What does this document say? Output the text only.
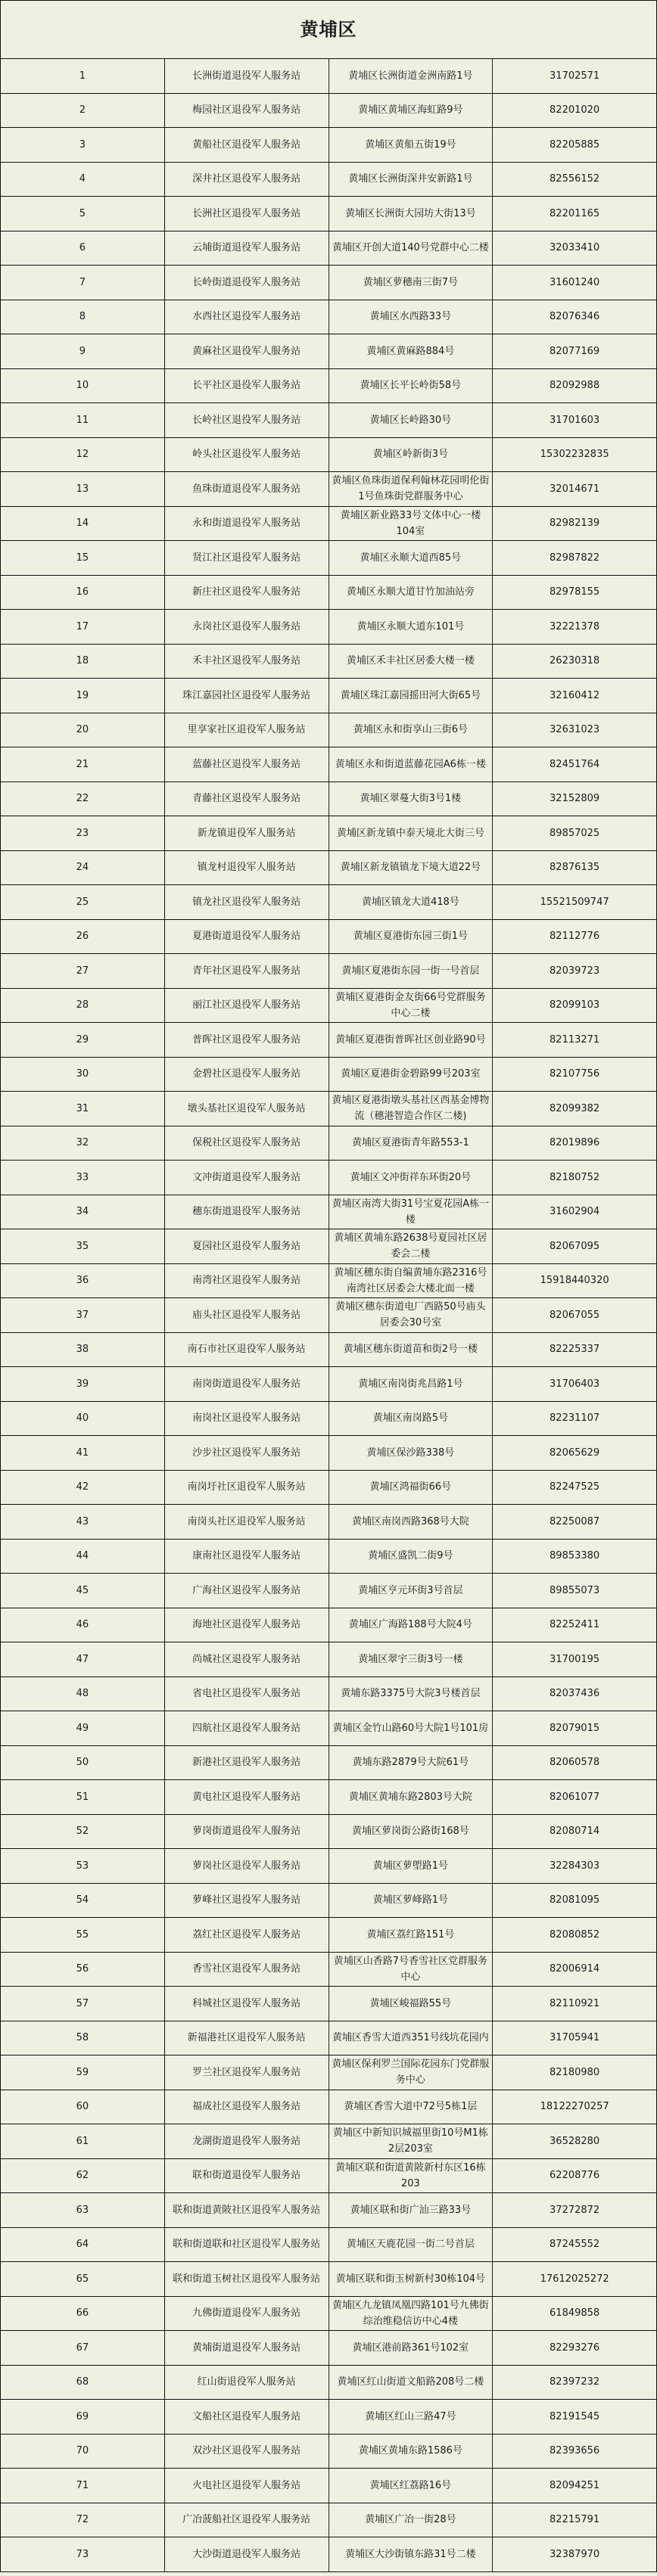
黄埔区			
1	长洲街道退役军人服务站	黄埔区长洲街道金洲南路1号	31702571
2	梅园社区退役军人服务站	黄埔区黄埔区海虹路9号	82201020
3	黄船社区退役军人服务站	黄埔区黄船五街19号	82205885
4	深井社区退役军人服务站	黄埔区长洲街深井安新路1号	82556152
5	长洲社区退役军人服务站	黄埔区长洲街大园坊大街13号	82201165
6	云埔街道退役军人服务站	黄埔区开创大道140号党群中心二楼	32033410
7	长岭街道退役军人服务站	黄埔区萝穗南三街7号	31601240
8	水西社区退役军人服务站	黄埔区水西路33号	82076346
9	黄麻社区退役军人服务站	黄埔区黄麻路884号	82077169
10	长平社区退役军人服务站	黄埔区长平长岭街58号	82092988
11	长岭社区退役军人服务站	黄埔区长岭路30号	31701603
12	岭头社区退役军人服务站	黄埔区岭新街3号	15302232835
13	鱼珠街道退役军人服务站	黄埔区鱼珠街道保利翰林花园明伦街1号鱼珠街党群服务中心	32014671
14	永和街道退役军人服务站	黄埔区新业路33号文体中心一楼104室	82982139
15	贤江社区退役军人服务站	黄埔区永顺大道西85号	82987822
16	新庄社区退役军人服务站	黄埔区永顺大道甘竹加油站旁	82978155
17	永岗社区退役军人服务站	黄埔区永顺大道东101号	32221378
18	禾丰社区退役军人服务站	黄埔区禾丰社区居委大楼一楼	26230318
19	珠江嘉园社区退役军人服务站	黄埔区珠江嘉园摇田河大街65号	32160412
20	里享家社区退役军人服务站	黄埔区永和街享山三街6号	32631023
21	蓝藤社区退役军人服务站	黄埔区永和街道蓝藤花园A6栋一楼	82451764
22	青藤社区退役军人服务站	黄埔区翠蔓大街3号1楼	32152809
23	新龙镇退役军人服务站	黄埔区新龙镇中泰天境北大街三号	89857025
24	镇龙村退役军人服务站	黄埔区新龙镇镇龙下境大道22号	82876135
25	镇龙社区退役军人服务站	黄埔区镇龙大道418号	15521509747
26	夏港街道退役军人服务站	黄埔区夏港街东园三街1号	82112776
27	青年社区退役军人服务站	黄埔区夏港街东园一街一号首层	82039723
28	丽江社区退役军人服务站	黄埔区夏港街金友街66号党群服务中心二楼	82099103
29	普晖社区退役军人服务站	黄埔区夏港街普晖社区创业路90号	82113271
30	金碧社区退役军人服务站	黄埔区夏港街金碧路99号203室	82107756
31	墩头基社区退役军人服务站	黄埔区夏港街墩头基社区西基金博物流（穗港智造合作区二楼)	82099382
32	保税社区退役军人服务站	黄埔区夏港街青年路553-1	82019896
33	文冲街道退役军人服务站	黄埔区文冲街祥东环街20号	82180752
34	穗东街道退役军人服务站	黄埔区南湾大街31号宝夏花园A栋一楼	31602904
35	夏园社区退役军人服务站	黄埔区黄埔东路2638号夏园社区居委会二楼	82067095
36	南湾社区退役军人服务站	黄埔区穗东街自编黄埔东路2316号南湾社区居委会大楼北面一楼	15918440320
37	庙头社区退役军人服务站	黄埔区穗东街道电厂西路50号庙头居委会30号室	82067055
38	南石市社区退役军人服务站	黄埔区穗东街道苗和街2号一楼	82225337
39	南岗街道退役军人服务站	黄埔区南岗街兆昌路1号	31706403
40	南岗社区退役军人服务站	黄埔区南岗路5号	82231107
41	沙步社区退役军人服务站	黄埔区保沙路338号	82065629
42	南岗圩社区退役军人服务站	黄埔区鸿福街66号	82247525
43	南岗头社区退役军人服务站	黄埔区南岗西路368号大院	82250087
44	康南社区退役军人服务站	黄埔区盛凯二街9号	89853380
45	广海社区退役军人服务站	黄埔区亨元环街3号首层	89855073
46	海地社区退役军人服务站	黄埔区广海路188号大院4号	82252411
47	尚城社区退役军人服务站	黄埔区翠宇三街3号一楼	31700195
48	省电社区退役军人服务站	黄埔东路3375号大院3号楼首层	82037436
49	四航社区退役军人服务站	黄埔区金竹山路60号大院1号101房	82079015
50	新港社区退役军人服务站	黄埔东路2879号大院61号	82060578
51	黄电社区退役军人服务站	黄埔区黄埔东路2803号大院	82061077
52	萝岗街道退役军人服务站	黄埔区萝岗街公路街168号	82080714
53	萝岗社区退役军人服务站	黄埔区萝塱路1号	32284303
54	萝峰社区退役军人服务站	黄埔区萝峰路1号	82081095
55	荔红社区退役军人服务站	黄埔区荔红路151号	82080852
56	香雪社区退役军人服务站	黄埔区山香路7号香雪社区党群服务中心	82006914
57	科城社区退役军人服务站	黄埔区峻福路55号	82110921
58	新福港社区退役军人服务站	黄埔区香雪大道西351号线坑花园内	31705941
59	罗兰社区退役军人服务站	黄埔区保利罗兰国际花园东门党群服务中心	82180980
60	福成社区退役军人服务站	黄埔区香雪大道中72号5栋1层	18122270257
61	龙湖街道退役军人服务站	黄埔区中新知识城福里街10号M1栋2层203室	36528280
62	联和街道退役军人服务站	黄埔区联和街道黄陂新村东区16栋203	62208776
63	联和街道黄陂社区退役军人服务站	黄埔区联和街广汕三路33号	37272872
64	联和街道联和社区退役军人服务站	黄埔区天鹿花园一街二号首层	87245552
65	联和街道玉树社区退役军人服务站	黄埔区联和街玉树新村30栋104号	17612025272
66	九佛街道退役军人服务站	黄埔区九龙镇凤凰四路101号九佛街综治维稳信访中心4楼	61849858
67	黄埔街道退役军人服务站	黄埔区港前路361号102室	82293276
68	红山街退役军人服务站	黄埔区红山街道文船路208号二楼	82397232
69	文船社区退役军人服务站	黄埔区红山三路47号	82191545
70	双沙社区退役军人服务站	黄埔区黄埔东路1586号	82393656
71	火电社区退役军人服务站	黄埔区红荔路16号	82094251
72	广冶菠船社区退役军人服务站	黄埔区广冶一街28号	82215791
73	大沙街道退役军人服务站	黄埔区大沙街镇东路31号二楼	32387970
